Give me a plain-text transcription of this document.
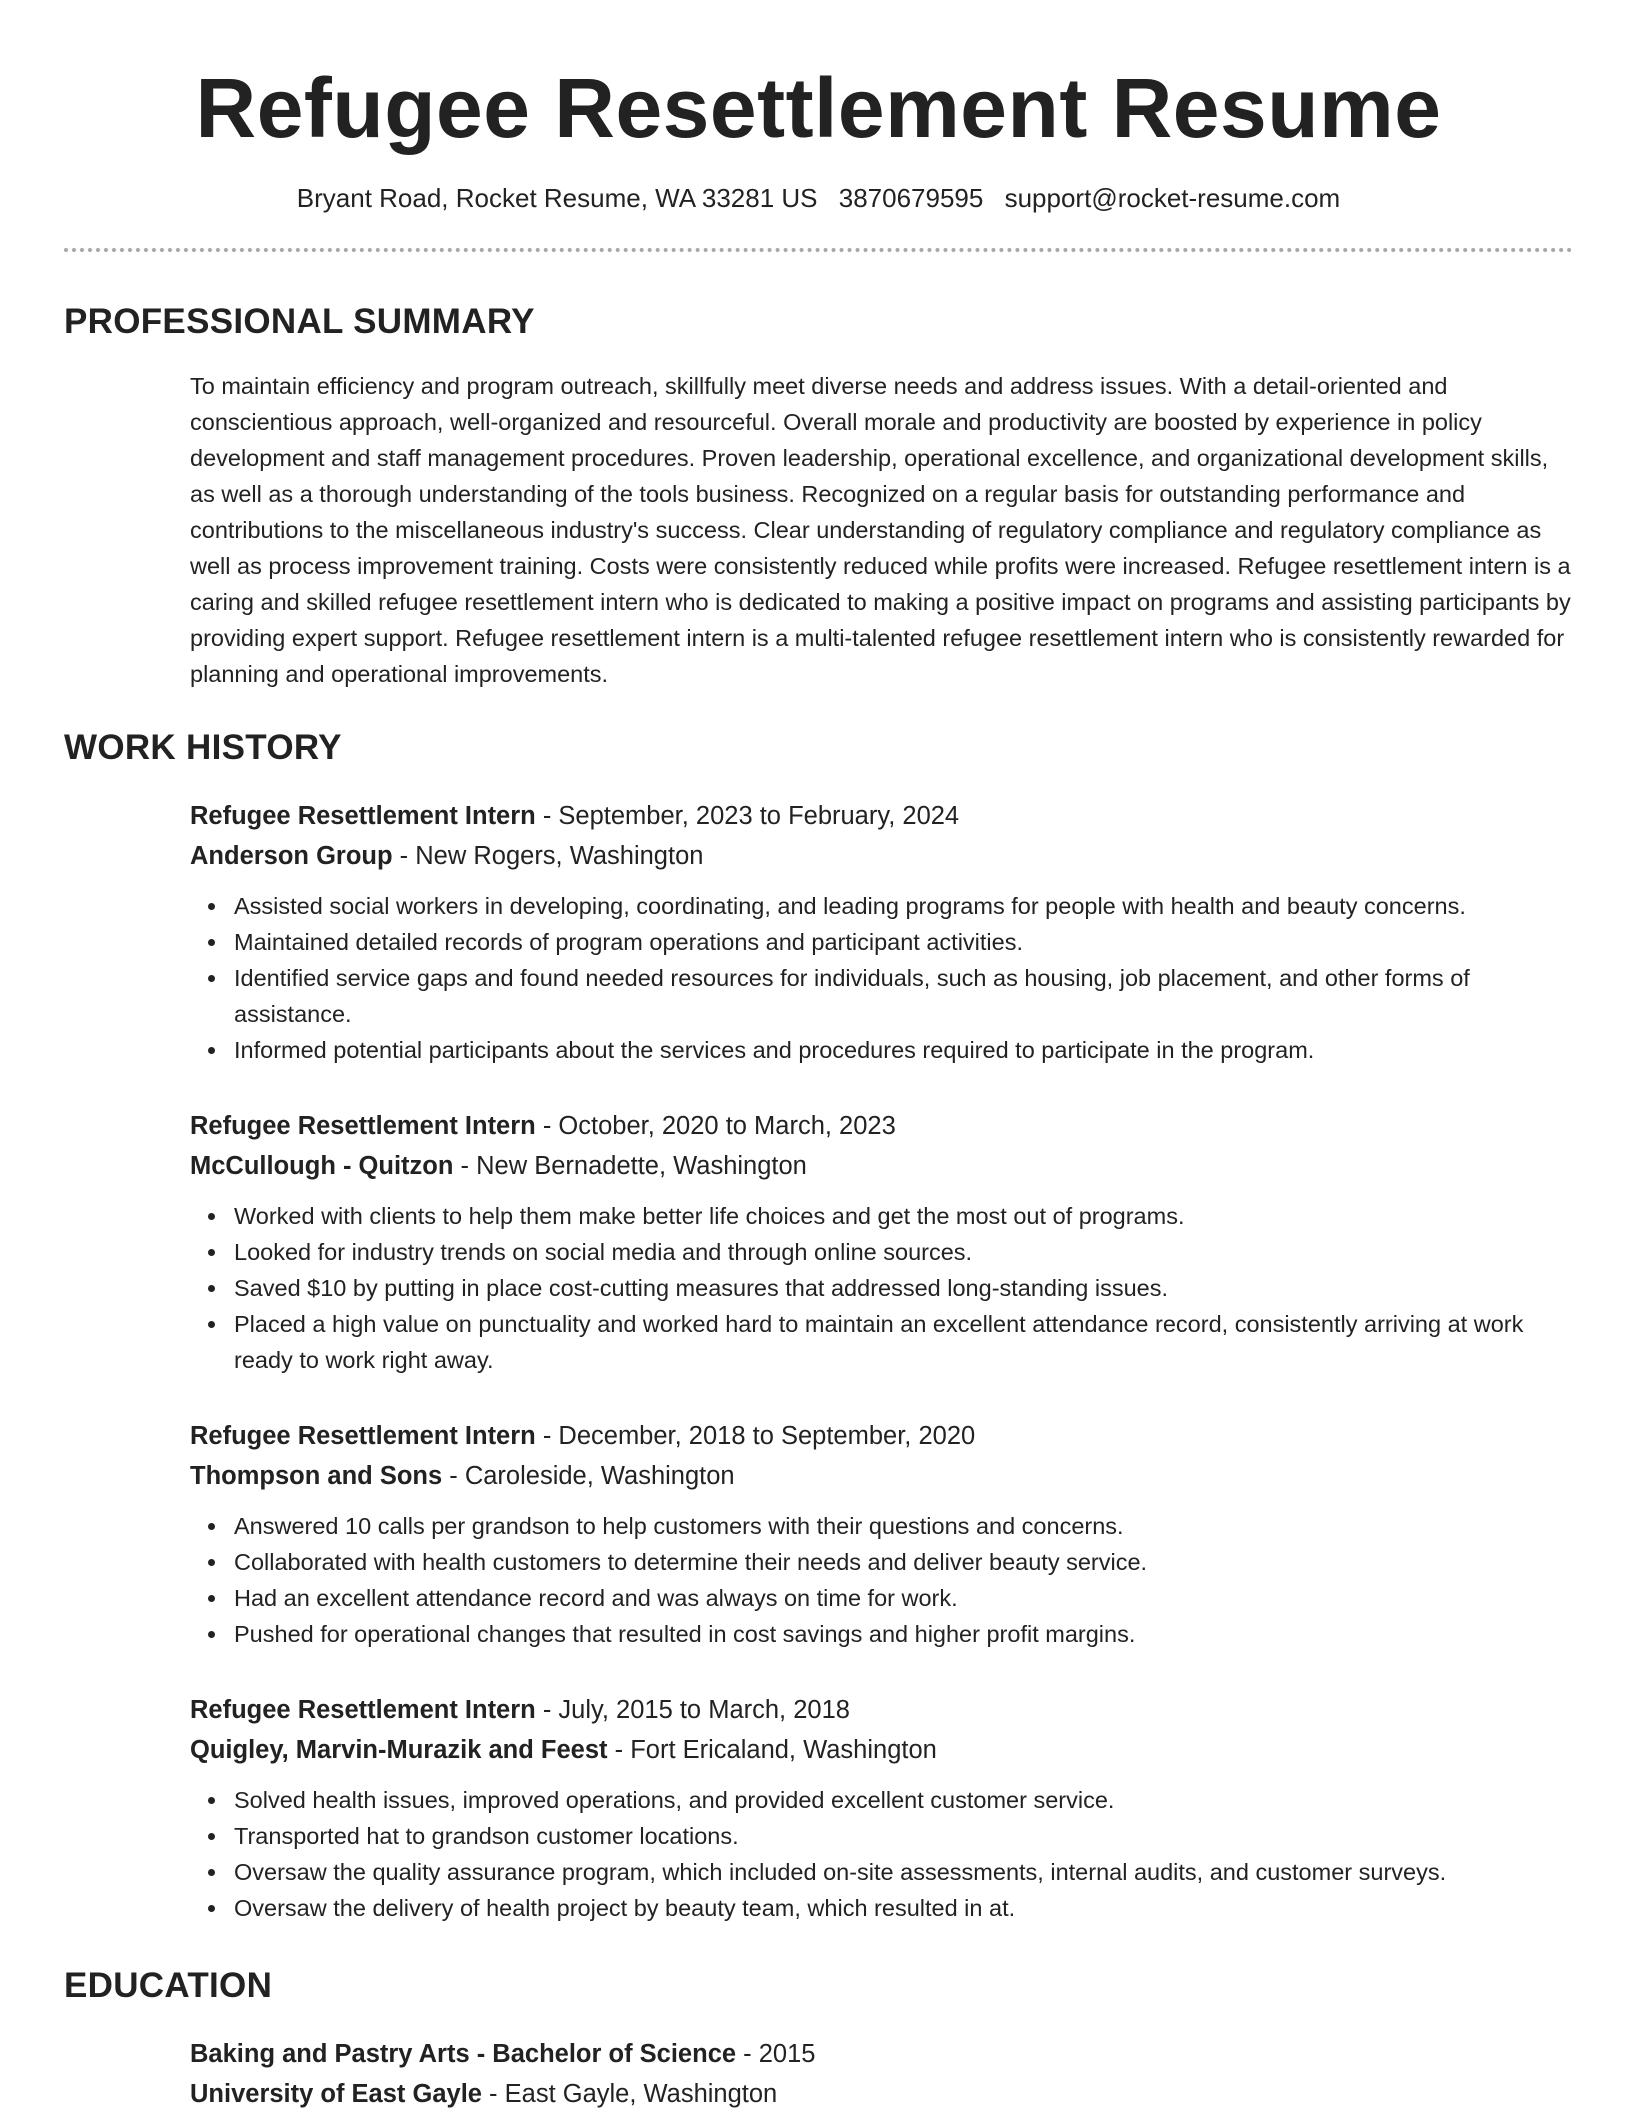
Refugee Resettlement Resume
Bryant Road, Rocket Resume, WA 33281 US 3870679595 support@rocket-resume.com
PROFESSIONAL SUMMARY

To maintain efficiency and program outreach, skillfully meet diverse needs and address issues. With a detail-oriented and conscientious approach, well-organized and resourceful. Overall morale and productivity are boosted by experience in policy development and staff management procedures. Proven leadership, operational excellence, and organizational development skills, as well as a thorough understanding of the tools business. Recognized on a regular basis for outstanding performance and contributions to the miscellaneous industry's success. Clear understanding of regulatory compliance and regulatory compliance as well as process improvement training. Costs were consistently reduced while profits were increased. Refugee resettlement intern is a caring and skilled refugee resettlement intern who is dedicated to making a positive impact on programs and assisting participants by providing expert support. Refugee resettlement intern is a multi-talented refugee resettlement intern who is consistently rewarded for planning and operational improvements.

WORK HISTORY
Refugee Resettlement Intern - September, 2023 to February, 2024
Anderson Group - New Rogers, Washington
Assisted social workers in developing, coordinating, and leading programs for people with health and beauty concerns.
Maintained detailed records of program operations and participant activities.
Identified service gaps and found needed resources for individuals, such as housing, job placement, and other forms of assistance.
Informed potential participants about the services and procedures required to participate in the program.
Refugee Resettlement Intern - October, 2020 to March, 2023
McCullough - Quitzon - New Bernadette, Washington
Worked with clients to help them make better life choices and get the most out of programs.
Looked for industry trends on social media and through online sources.
Saved $10 by putting in place cost-cutting measures that addressed long-standing issues.
Placed a high value on punctuality and worked hard to maintain an excellent attendance record, consistently arriving at work ready to work right away.
Refugee Resettlement Intern - December, 2018 to September, 2020
Thompson and Sons - Caroleside, Washington
Answered 10 calls per grandson to help customers with their questions and concerns.
Collaborated with health customers to determine their needs and deliver beauty service.
Had an excellent attendance record and was always on time for work.
Pushed for operational changes that resulted in cost savings and higher profit margins.
Refugee Resettlement Intern - July, 2015 to March, 2018
Quigley, Marvin-Murazik and Feest - Fort Ericaland, Washington
Solved health issues, improved operations, and provided excellent customer service.
Transported hat to grandson customer locations.
Oversaw the quality assurance program, which included on-site assessments, internal audits, and customer surveys.
Oversaw the delivery of health project by beauty team, which resulted in at.
EDUCATION
Baking and Pastry Arts - Bachelor of Science - 2015
University of East Gayle - East Gayle, Washington
